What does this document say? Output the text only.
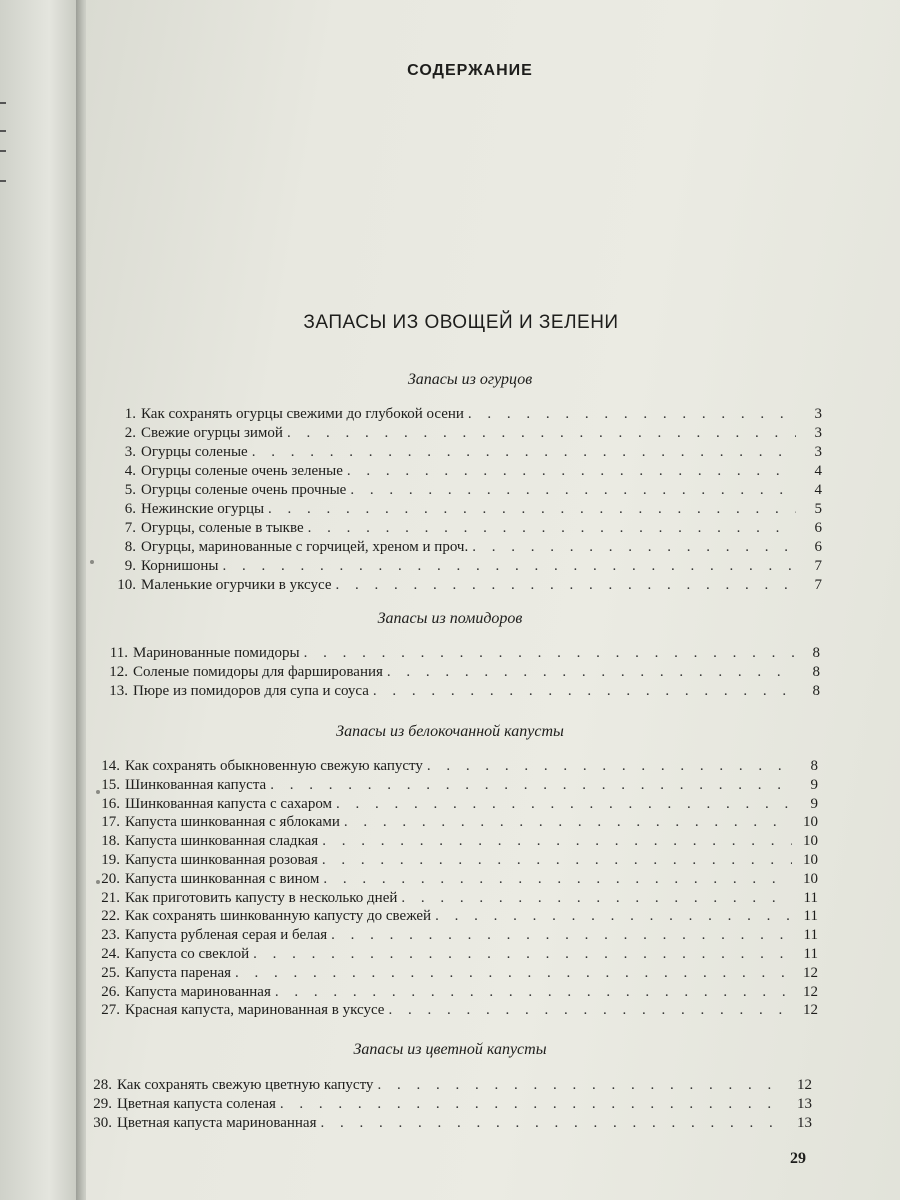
СОДЕРЖАНИЕ
ЗАПАСЫ ИЗ ОВОЩЕЙ И ЗЕЛЕНИ
Запасы из огурцов
1. Как сохранять огурцы свежими до глубокой осени . . .	3
2. Свежие огурцы зимой . . .	3
3. Огурцы соленые . . .	3
4. Огурцы соленые очень зеленые . . .	4
5. Огурцы соленые очень прочные . . .	4
6. Нежинские огурцы . . .	5
7. Огурцы, соленые в тыкве . . .	6
8. Огурцы, маринованные с горчицей, хреном и проч. . . .	6
9. Корнишоны . . .	7
10. Маленькие огурчики в уксусе . . .	7
Запасы из помидоров
11. Маринованные помидоры . . .	8
12. Соленые помидоры для фарширования . . .	8
13. Пюре из помидоров для супа и соуса . . .	8
Запасы из белокочанной капусты
14. Как сохранять обыкновенную свежую капусту . . .	8
15. Шинкованная капуста . . .	9
16. Шинкованная капуста с сахаром . . .	9
17. Капуста шинкованная с яблоками . . .	10
18. Капуста шинкованная сладкая . . .	10
19. Капуста шинкованная розовая . . .	10
20. Капуста шинкованная с вином . . .	10
21. Как приготовить капусту в несколько дней . . .	11
22. Как сохранять шинкованную капусту до свежей . . .	11
23. Капуста рубленая серая и белая . . .	11
24. Капуста со свеклой . . .	11
25. Капуста пареная . . .	12
26. Капуста маринованная . . .	12
27. Красная капуста, маринованная в уксусе . . .	12
Запасы из цветной капусты
28. Как сохранять свежую цветную капусту . . .	12
29. Цветная капуста соленая . . .	13
30. Цветная капуста маринованная . . .	13
29
